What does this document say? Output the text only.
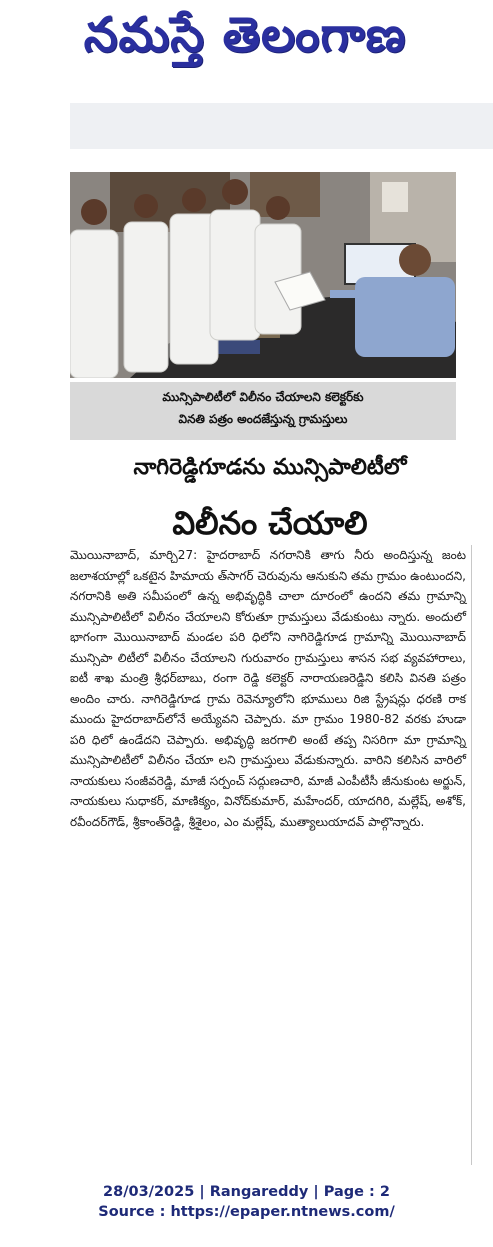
నమస్తే తెలంగాణ
మున్సిపాలిటీలో విలీనం చేయాలని కలెక్టర్‌కు
వినతి పత్రం అందజేస్తున్న గ్రామస్తులు
నాగిరెడ్డిగూడను మున్సిపాలిటీలో
విలీనం చేయాలి
మొయినాబాద్, మార్చి27: హైదరాబాద్ నగరానికి తాగు నీరు అందిస్తున్న జంట జలాశయాల్లో ఒకటైన హిమాయ త్‌సాగర్ చెరువును ఆనుకుని తమ గ్రామం ఉంటుందని, నగరానికి అతి సమీపంలో ఉన్న అభివృద్ధికి చాలా దూరంలో ఉందని తమ గ్రామాన్ని మున్సిపాలిటీలో విలీనం చేయాలని కోరుతూ గ్రామస్తులు వేడుకుంటు న్నారు. అందులో భాగంగా మొయినాబాద్ మండల పరి ధిలోని నాగిరెడ్డిగూడ గ్రామాన్ని మొయినాబాద్ మున్సిపా లిటీలో విలీనం చేయాలని గురువారం గ్రామస్తులు శాసన సభ వ్యవహారాలు, ఐటీ శాఖ మంత్రి శ్రీధర్‌బాబు, రంగా రెడ్డి కలెక్టర్ నారాయణరెడ్డిని కలిసి వినతి పత్రం అందిం చారు. నాగిరెడ్డిగూడ గ్రామ రెవెన్యూలోని భూములు రిజి స్ట్రేషన్లు ధరణి రాక ముందు హైదరాబాద్‌లోనే అయ్యేవని చెప్పారు. మా గ్రామం 1980-82 వరకు హుడా పరి ధిలో ఉండేదని చెప్పారు. అభివృద్ధి జరగాలి అంటే తప్ప నిసరిగా మా గ్రామాన్ని మున్సిపాలిటీలో విలీనం చేయా లని గ్రామస్తులు వేడుకున్నారు. వారిని కలిసిన వారిలో నాయకులు సంజీవరెడ్డి, మాజీ సర్పంచ్ సద్గుణచారి, మాజీ ఎంపీటీసీ జీనుకుంట అర్జున్, నాయకులు సుధాకర్, మాణిక్యం, వినోద్‌కుమార్, మహేందర్, యాదగిరి, మల్లేష్, అశోక్, రవీందర్‌గౌడ్, శ్రీకాంత్‌రెడ్డి, శ్రీశైలం, ఎం మల్లేష్, ముత్యాలుయాదవ్ పాల్గొన్నారు.
28/03/2025 | Rangareddy | Page : 2
Source : https://epaper.ntnews.com/
